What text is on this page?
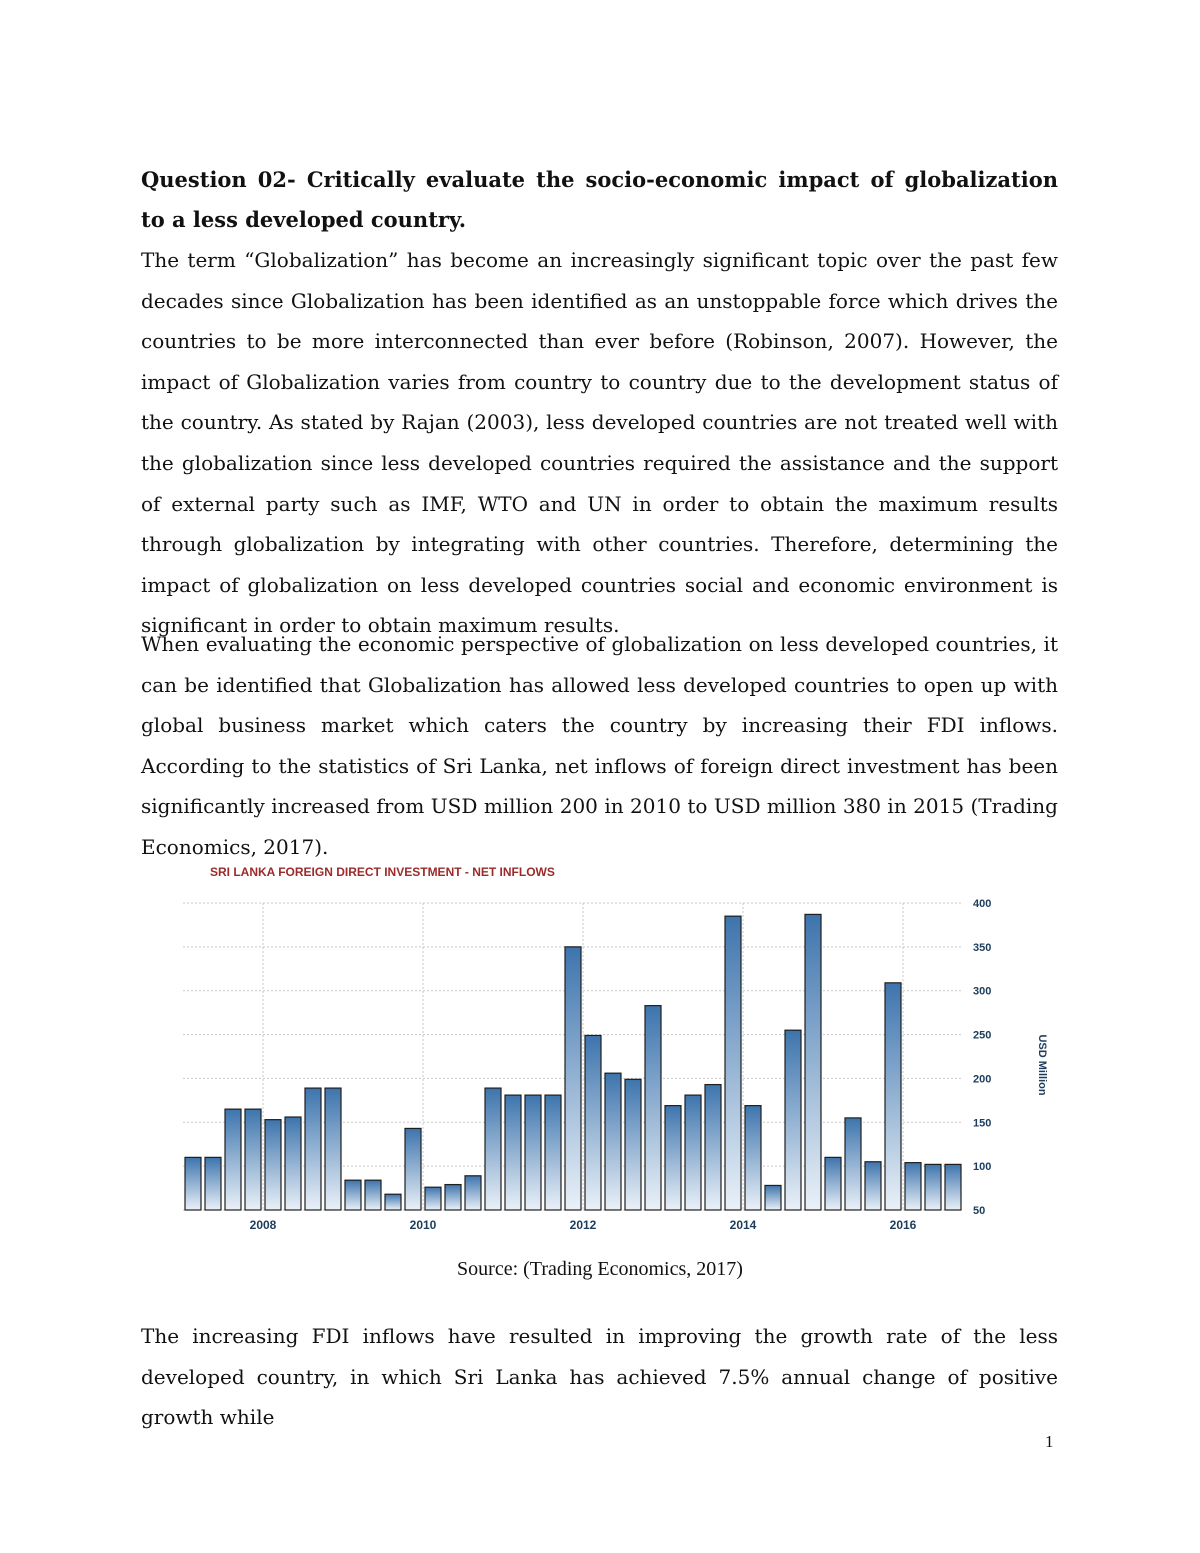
Question 02- Critically evaluate the socio-economic impact of globalization to a less developed country.

The term “Globalization” has become an increasingly significant topic over the past few decades since Globalization has been identified as an unstoppable force which drives the countries to be more interconnected than ever before (Robinson, 2007). However, the impact of Globalization varies from country to country due to the development status of the country. As stated by Rajan (2003), less developed countries are not treated well with the globalization since less developed countries required the assistance and the support of external party such as IMF, WTO and UN in order to obtain the maximum results through globalization by integrating with other countries. Therefore, determining the impact of globalization on less developed countries social and economic environment is significant in order to obtain maximum results.

When evaluating the economic perspective of globalization on less developed countries, it can be identified that Globalization has allowed less developed countries to open up with global business market which caters the country by increasing their FDI inflows. According to the statistics of Sri Lanka, net inflows of foreign direct investment has been significantly increased from USD million 200 in 2010 to USD million 380 in 2015 (Trading Economics, 2017).

SRI LANKA FOREIGN DIRECT INVESTMENT - NET INFLOWS
400
350
300
250
200
150
100
50
2008	2010	2012	2014	2016
USD Million
Source: (Trading Economics, 2017)

The increasing FDI inflows have resulted in improving the growth rate of the less developed country, in which Sri Lanka has achieved 7.5% annual change of positive growth while

1
